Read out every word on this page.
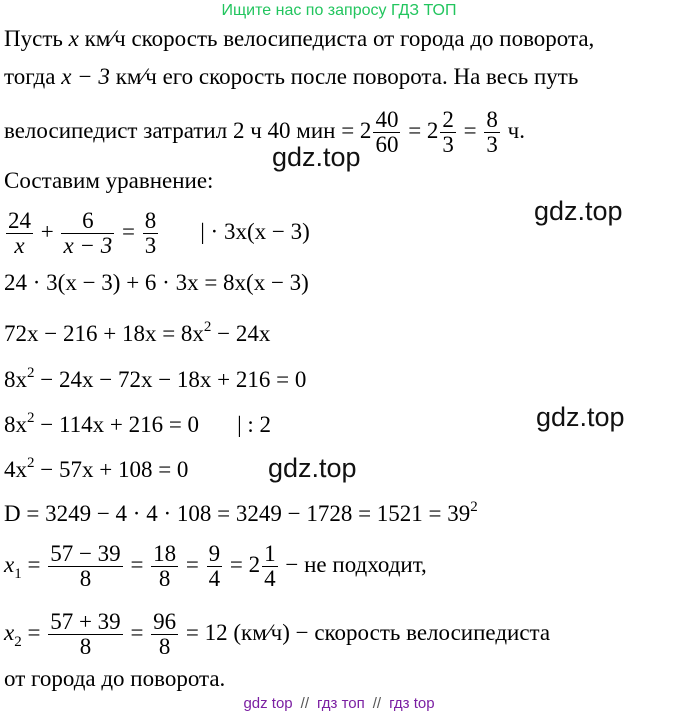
Ищите нас по запросу ГДЗ ТОП
Пусть x км⁄ч скорость велосипедиста от города до поворота,
тогда x − 3 км⁄ч его скорость после поворота. На весь путь
велосипедист затратил 2 ч 40 мин = $2 \frac{40}{60} = 2 \frac{2}{3} = \frac{8}{3} ч$.
Составим уравнение:
$\frac{24}{x} + \frac{6}{x - 3} = \frac{8}{3}$ | · 3x(x − 3)
24 · 3(x − 3) + 6 · 3x = 8x(x − 3)
$72x - 216 + 18x = 8x^2 - 24x$
$8x^2 - 24x - 72x - 18x + 216 = 0$
$8x^2 - 114x + 216 = 0$ | : 2
$4x^2 - 57x + 108 = 0$
$D = 3249 - 4 \cdot 4 \cdot 108 = 3249 - 1728 = 1521 = 39^2$
$x_1 = \frac{57 - 39}{8} = \frac{18}{8} = \frac{9}{4} = 2 \frac{1}{4}$ − не подходит,
$x_2 = \frac{57 + 39}{8} = \frac{96}{8} = 12$ (км⁄ч) − скорость велосипедиста
от города до поворота.
gdz.top
gdz.top
gdz.top
gdz.top
gdz top // гдз топ // гдз top
